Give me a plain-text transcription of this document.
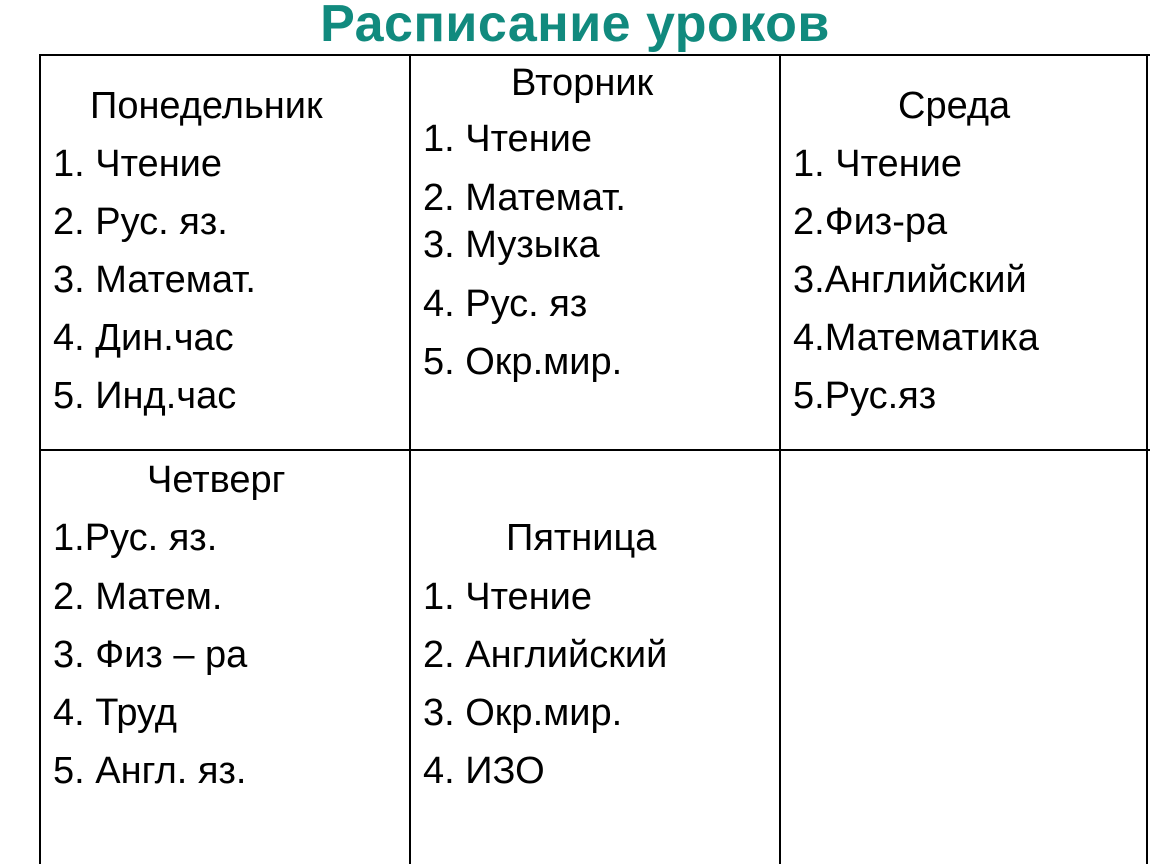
Расписание уроков
Понедельник
1. Чтение
2. Рус. яз.
3. Математ.
4. Дин.час
5. Инд.час
Вторник
1. Чтение
2. Математ.
3. Музыка
4. Рус. яз
5. Окр.мир.
Среда
1. Чтение
2.Физ-ра
3.Английский
4.Математика
5.Рус.яз
Четверг
1.Рус. яз.
2. Матем.
3. Физ – ра
4. Труд
5. Англ. яз.
Пятница
1. Чтение
2. Английский
3. Окр.мир.
4. ИЗО
